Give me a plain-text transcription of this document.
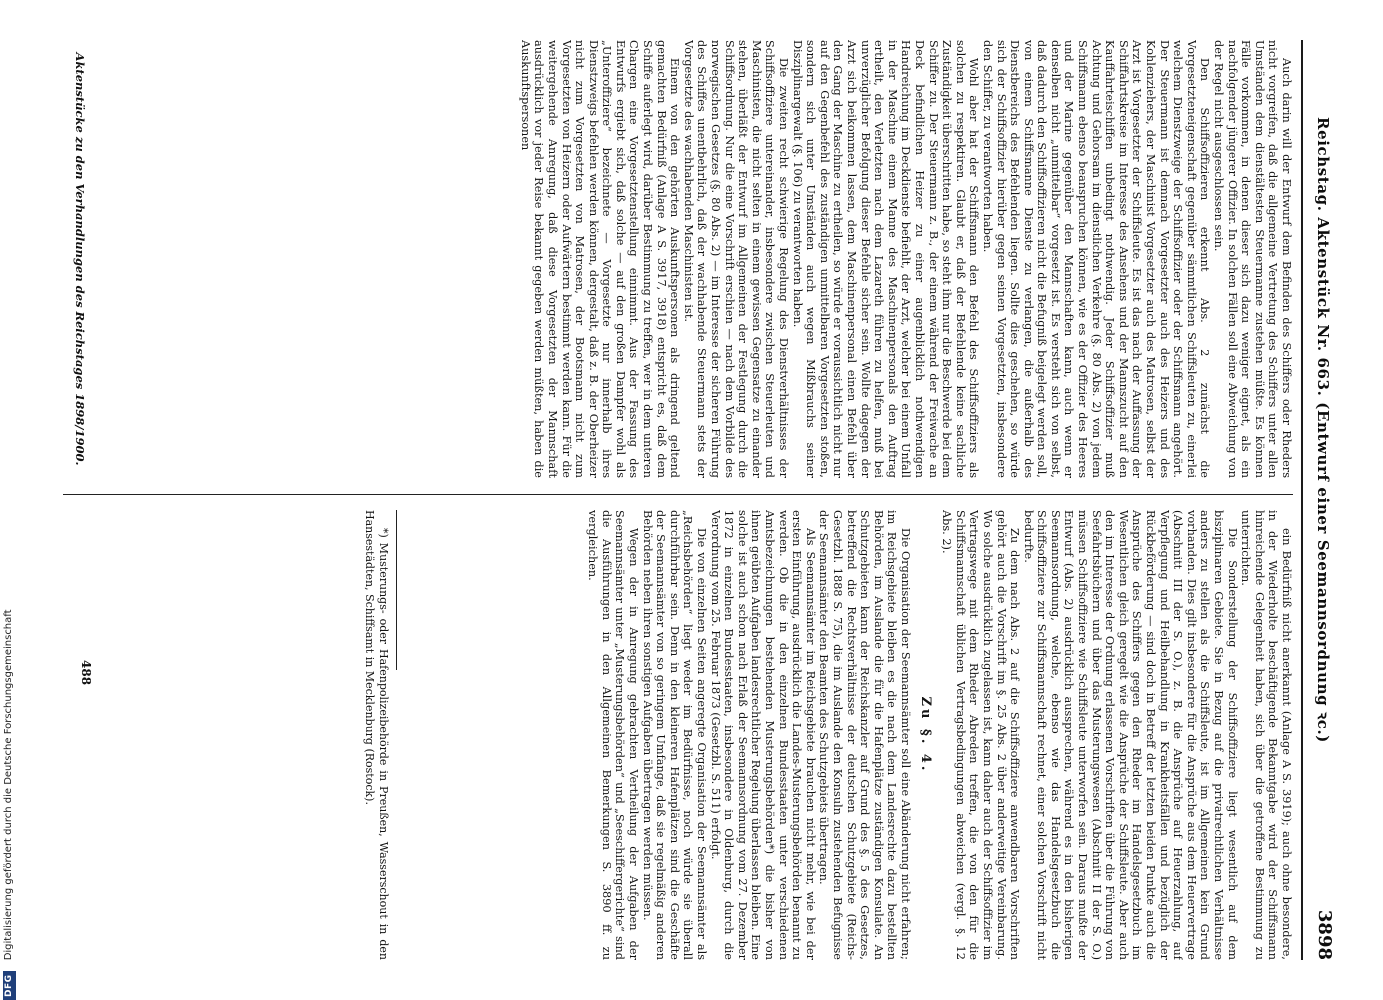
Reichstag. Aktenstück Nr. 663. (Entwurf einer Seemannsordnung ꝛc.)
3898

Auch darin will der Entwurf dem Befinden des Schiffers oder Rheders nicht vorgreifen, daß die allgemeine Vertretung des Schiffers unter allen Umständen dem dienstältesten Steuermanne zustehen müßte. Es können Fälle vorkommen, in denen dieser sich dazu weniger eignet, als ein nachfolgender jüngerer Offizier. In solchen Fällen soll eine Abweichung von der Regel nicht ausgeschlossen sein.

Den Schiffsoffizieren erkennt Abs. 2 zunächst die Vorgesetzteneigenschaft gegenüber sämmtlichen Schiffsleuten zu, einerlei welchem Dienstzweige der Schiffsoffizier oder der Schiffsmann angehört. Der Steuermann ist demnach Vorgesetzter auch des Heizers und des Kohlenziehers, der Maschinist Vorgesetzter auch des Matrosen, selbst der Arzt ist Vorgesetzter der Schiffsleute. Es ist das nach der Auffassung der Schiffahrtskreise im Interesse des Ansehens und der Mannszucht auf den Kauffahrteischiffen unbedingt nothwendig. Jeder Schiffsoffizier muß Achtung und Gehorsam im dienstlichen Verkehre (§. 80 Abs. 2) von jedem Schiffsmann ebenso beanspruchen können, wie es der Offizier des Heeres und der Marine gegenüber den Mannschaften kann, auch wenn er denselben nicht „unmittelbar“ vorgesetzt ist. Es versteht sich von selbst, daß dadurch den Schiffsoffizieren nicht die Befugniß beigelegt werden soll, von einem Schiffsmanne Dienste zu verlangen, die außerhalb des Dienstbereichs des Befehlenden liegen. Sollte dies geschehen, so würde sich der Schiffsoffizier hierüber gegen seinen Vorgesetzten, insbesondere den Schiffer, zu verantworten haben.

Wohl aber hat der Schiffsmann den Befehl des Schiffsoffiziers als solchen zu respektiren. Glaubt er, daß der Befehlende keine sachliche Zuständigkeit überschritten habe, so steht ihm nur die Beschwerde bei dem Schiffer zu. Der Steuermann z. B., der einem während der Freiwache an Deck befindlichen Heizer zu einer augenblicklich nothwendigen Handreichung im Deckdienste befiehlt, der Arzt, welcher bei einem Unfall in der Maschine einem Manne des Maschinenpersonals den Auftrag ertheilt, den Verletzten nach dem Lazareth führen zu helfen, muß bei unverzüglicher Befolgung dieser Befehle sicher sein. Wollte dagegen der Arzt sich beikommen lassen, dem Maschinenpersonal einen Befehl über den Gang der Maschine zu ertheilen, so würde er voraussichtlich nicht nur auf den Gegenbefehl des zuständigen unmittelbaren Vorgesetzten stoßen, sondern sich unter Umständen auch wegen Mißbrauchs seiner Disziplinargewalt (§. 106) zu verantworten haben.

Die zweiten recht schwierige Regelung des Dienstverhältnisses der Schiffsoffiziere untereinander, insbesondere zwischen Steuerleuten und Maschinisten, die nicht selten in einem gewissen Gegensatze zu einander stehen, überläßt der Entwurf im Allgemeinen der Festlegung durch die Schiffsordnung. Nur die eine Vorschrift erschien — nach dem Vorbilde des norwegischen Gesetzes (§. 80 Abs. 2) — im Interesse der sicheren Führung des Schiffes unentbehrlich, daß der wachhabende Steuermann stets der Vorgesetzte des wachhabenden Maschinisten ist.

Einem von den gehörten Auskunftspersonen als dringend geltend gemachten Bedürfniß (Anlage A S. 3917, 3918) entspricht es, daß dem Schiffe auferlegt wird, darüber Bestimmung zu treffen, wer in dem unteren Chargen eine Vorgesetztenstellung einnimmt. Aus der Fassung des Entwurfs ergiebt sich, daß solche — auf den großen Dampfer wohl als „Unteroffiziere“ bezeichnete — Vorgesetzte nur innerhalb ihres Dienstzweigs befehlen werden können, dergestalt, daß z. B. der Oberheizer nicht zum Vorgesetzten von Matrosen, der Bootsmann nicht zum Vorgesetzten von Heizern oder Aufwärtern bestimmt werden kann. Für die weitergehende Anregung, daß diese Vorgesetzten der Mannschaft ausdrücklich vor jeder Reise bekannt gegeben werden müßten, haben die Auskunftspersonen

ein Bedürfniß nicht anerkannt (Anlage A S. 3919); auch ohne besondere, in der Wiederholte beschäftigende Bekanntgabe wird der Schiffsmann hinreichende Gelegenheit haben, sich über die getroffene Bestimmung zu unterrichten.

Die Sonderstellung der Schiffsoffiziere liegt wesentlich auf dem bisziplinaren Gebiete. Sie in Bezug auf die privatrechtlichen Verhältnisse anders zu stellen als die Schiffsleute, ist im Allgemeinen kein Grund vorhanden. Dies gilt insbesondere für die Ansprüche aus dem Heuervertrage (Abschnitt III der S. O.), z. B. die Ansprüche auf Heuerzahlung, auf Verpflegung und Heilbehandlung in Krankheitsfällen und bezüglich der Rückbeförderung — sind doch in Betreff der letzten beiden Punkte auch die Ansprüche des Schiffers gegen den Rheder im Handelsgesetzbuch im Wesentlichen gleich geregelt wie die Ansprüche der Schiffsleute. Aber auch den im Interesse der Ordnung erlassenen Vorschriften über die Führung von Seefahrtsbüchern und über das Musterungswesen (Abschnitt II der S. O.) müssen Schiffsoffiziere wie Schiffsleute unterworfen sein. Daraus mußte der Entwurf (Abs. 2) ausdrücklich aussprechen, während es in den bisherigen Seemannsordnung, welche, ebenso wie das Handelsgesetzbuch die Schiffsoffiziere zur Schiffsmannschaft rechnet, einer solchen Vorschrift nicht bedurfte.

Zu dem nach Abs. 2 auf die Schiffsoffiziere anwendbaren Vorschriften gehört auch die Vorschrift im §. 25 Abs. 2 über anderweitige Vereinbarung. Wo solche ausdrücklich zugelassen ist, kann daher auch der Schiffsoffizier im Vertragswege mit dem Rheder Abreden treffen, die von den für die Schiffsmannschaft üblichen Vertragsbedingungen abweichen (vergl. §. 12 Abs. 2).

Zu §. 4.

Die Organisation der Seemannsämter soll eine Abänderung nicht erfahren; im Reichsgebiete bleiben es die nach dem Landesrechte dazu bestellten Behörden, im Auslande die für die Hafenplätze zuständigen Konsulate. An Schutzgebieten kann der Reichskanzler auf Grund des §. 5 des Gesetzes, betreffend die Rechtsverhältnisse der deutschen Schutzgebiete (Reichs-Gesetzbl. 1888 S. 75), die im Auslande den Konsuln zustehenden Befugnisse der Seemannsämter den Beamten des Schutzgebiets übertragen.

Als Seemannsämter im Reichsgebiete brauchen nicht mehr, wie bei der ersten Einführung, ausdrücklich die Landes-Musterungsbehörden benannt zu werden. Ob die in den einzelnen Bundesstaaten unter verschiedenen Amtsbezeichnungen bestehenden Musterungsbehörden*) die bisher von ihnen geübten Aufgaben landesrechtlicher Regelung überlassen bleiben. Eine solche ist auch schon nach Erlaß der Seemannsordnung vom 27. Dezember 1872 in einzelnen Bundesstaaten, insbesondere in Oldenburg, durch die Verordnung vom 25. Februar 1873 (Gesetzbl. S. 511) erfolgt.

Die von einzelnen Seiten angeregte Organisation der Seemannsämter als „Reichsbehörden“ liegt weder im Bedürfnisse, noch würde sie überall durchführbar sein. Denn in den kleineren Hafenplätzen sind die Geschäfte der Seemannsämter von so geringem Umfange, daß sie regelmäßig anderen Behörden neben ihren sonstigen Aufgaben übertragen werden müssen.

Wegen der in Anregung gebrachten Vertheilung der Aufgaben der Seemannsämter unter „Musterungsbehörden“ und „Seeschiffergerichte“ sind die Ausführungen in den Allgemeinen Bemerkungen S. 3890 ff. zu vergleichen.

*) Musterungs- oder Hafenpolizeibehörde in Preußen, Wasserschout in den Hansestädten, Schiffsamt in Mecklenburg (Rostock).
488
Aktenstücke zu den Verhandlungen des Reichstages 1898/1900.
DFG Digitalisierung gefördert durch die Deutsche Forschungsgemeinschaft
